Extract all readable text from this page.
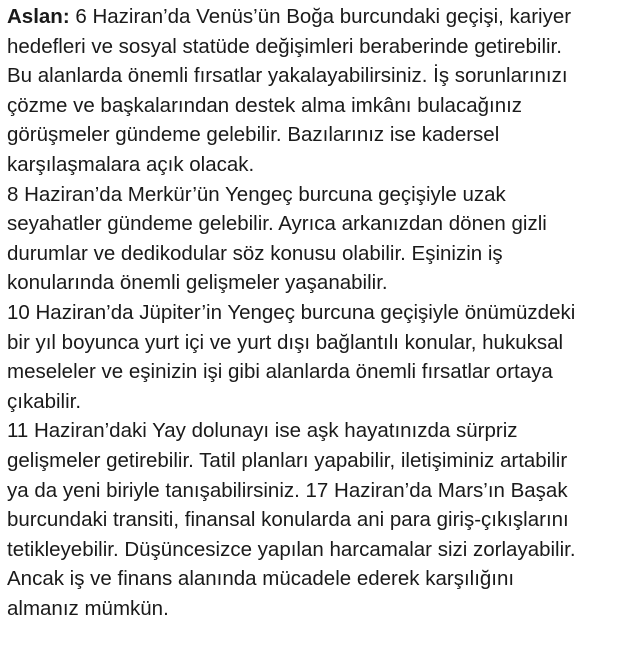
Aslan: 6 Haziran’da Venüs’ün Boğa burcundaki geçişi, kariyer
hedefleri ve sosyal statüde değişimleri beraberinde getirebilir.
Bu alanlarda önemli fırsatlar yakalayabilirsiniz. İş sorunlarınızı
çözme ve başkalarından destek alma imkânı bulacağınız
görüşmeler gündeme gelebilir. Bazılarınız ise kadersel
karşılaşmalara açık olacak.
8 Haziran’da Merkür’ün Yengeç burcuna geçişiyle uzak
seyahatler gündeme gelebilir. Ayrıca arkanızdan dönen gizli
durumlar ve dedikodular söz konusu olabilir. Eşinizin iş
konularında önemli gelişmeler yaşanabilir.
10 Haziran’da Jüpiter’in Yengeç burcuna geçişiyle önümüzdeki
bir yıl boyunca yurt içi ve yurt dışı bağlantılı konular, hukuksal
meseleler ve eşinizin işi gibi alanlarda önemli fırsatlar ortaya
çıkabilir.
11 Haziran’daki Yay dolunayı ise aşk hayatınızda sürpriz
gelişmeler getirebilir. Tatil planları yapabilir, iletişiminiz artabilir
ya da yeni biriyle tanışabilirsiniz. 17 Haziran’da Mars’ın Başak
burcundaki transiti, finansal konularda ani para giriş-çıkışlarını
tetikleyebilir. Düşüncesizce yapılan harcamalar sizi zorlayabilir.
Ancak iş ve finans alanında mücadele ederek karşılığını
almanız mümkün.
